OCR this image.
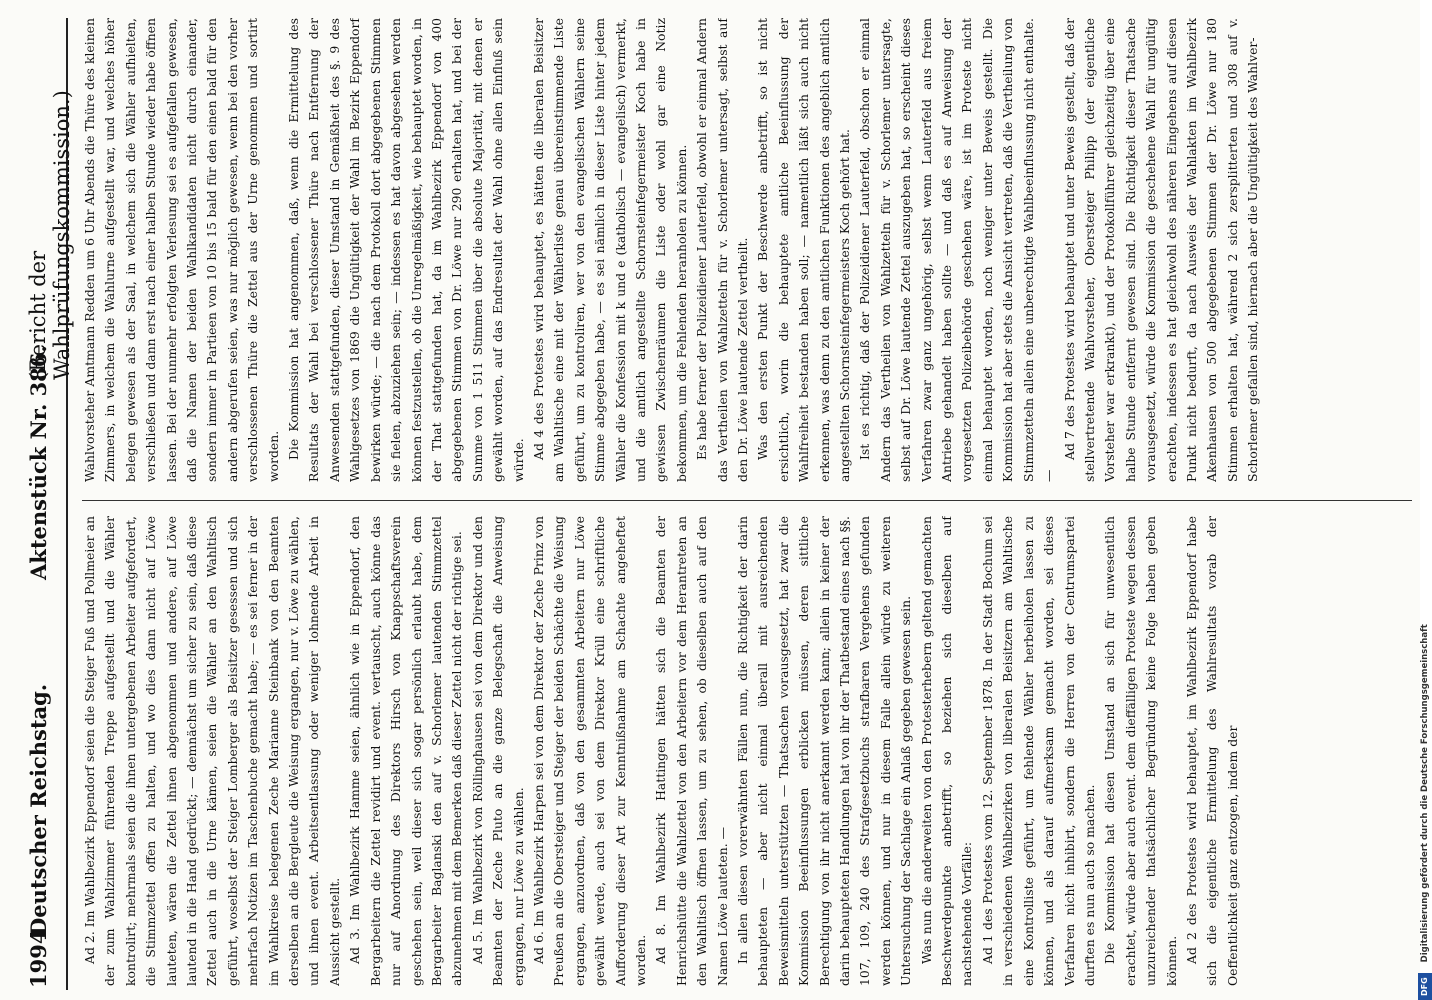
1994
Deutscher Reichstag.
Aktenstück Nr. 386.
(Bericht der Wahlprüfungskommission.)

Ad 2. Im Wahlbezirk Eppendorf seien die Steiger Fuß und Pollmeier an der zum Wahlzimmer führenden Treppe aufgestellt und die Wähler kontrolirt; mehrmals seien die ihnen untergebenen Arbeiter aufgefordert, die Stimmzettel offen zu halten, und wo dies dann nicht auf Löwe lauteten, wären die Zettel ihnen abgenommen und andere, auf Löwe lautend in die Hand gedrückt; — demnächst um sicher zu sein, daß diese Zettel auch in die Urne kämen, seien die Wähler an den Wahltisch geführt, woselbst der Steiger Lomberger als Beisitzer gesessen und sich mehrfach Notizen im Taschenbuche gemacht habe; — es sei ferner in der im Wahlkreise belegenen Zeche Marianne Steinbank von den Beamten derselben an die Bergleute die Weisung ergangen, nur v. Löwe zu wählen, und ihnen event. Arbeitsentlassung oder weniger lohnende Arbeit in Aussicht gestellt. Ad 3. Im Wahlbezirk Hamme seien, ähnlich wie in Eppendorf, den Bergarbeitern die Zettel revidirt und event. vertauscht, auch könne das nur auf Anordnung des Direktors Hirsch von Knappschaftsverein geschehen sein, weil dieser sich sogar persönlich erlaubt habe, dem Bergarbeiter Baglanski den auf v. Schorlemer lautenden Stimmzettel abzunehmen mit dem Bemerken daß dieser Zettel nicht der richtige sei. Ad 5. Im Wahlbezirk von Röllinghausen sei von dem Direktor und den Beamten der Zeche Pluto an die ganze Belegschaft die Anweisung ergangen, nur Löwe zu wählen. Ad 6. Im Wahlbezirk Harpen sei von dem Direktor der Zeche Prinz von Preußen an die Obersteiger und Steiger der beiden Schächte die Weisung ergangen, anzuordnen, daß von den gesammten Arbeitern nur Löwe gewählt werde, auch sei von dem Direktor Krüll eine schriftliche Aufforderung dieser Art zur Kenntnißnahme am Schachte angeheftet worden. Ad 8. Im Wahlbezirk Hattingen hätten sich die Beamten der Henrichshütte die Wahlzettel von den Arbeitern vor dem Herantreten an den Wahltisch öffnen lassen, um zu sehen, ob dieselben auch auf den Namen Löwe lauteten. — In allen diesen vorerwähnten Fällen nun, die Richtigkeit der darin behaupteten — aber nicht einmal überall mit ausreichenden Beweismitteln unterstützten — Thatsachen vorausgesetzt, hat zwar die Kommission Beeinflussungen erblicken müssen, deren sittliche Berechtigung von ihr nicht anerkannt werden kann; allein in keiner der darin behaupteten Handlungen hat von ihr der Thatbestand eines nach §§. 107, 109, 240 des Strafgesetzbuchs strafbaren Vergehens gefunden werden können, und nur in diesem Falle allein würde zu weiteren Untersuchung der Sachlage ein Anlaß gegeben gewesen sein. Was nun die anderweiten von den Protesterhebern geltend gemachten Beschwerdepunkte anbetrifft, so beziehen sich dieselben auf nachstehende Vorfälle: Ad 1 des Protestes vom 12. September 1878. In der Stadt Bochum sei in verschiedenen Wahlbezirken von liberalen Beisitzern am Wahltische eine Kontrolliste geführt, um fehlende Wähler herbeiholen lassen zu können, und als darauf aufmerksam gemacht worden, sei dieses Verfahren nicht inhibirt, sondern die Herren von der Centrumspartei durften es nun auch so machen. Die Kommission hat diesen Umstand an sich für unwesentlich erachtet, würde aber auch event. dem dieffälligen Proteste wegen dessen unzureichender thatsächlicher Begründung keine Folge haben geben können. Ad 2 des Protestes wird behauptet, im Wahlbezirk Eppendorf habe sich die eigentliche Ermittelung des Wahlresultats vorab der Oeffentlichkeit ganz entzogen, indem der

Wahlvorsteher Amtmann Redden um 6 Uhr Abends die Thüre des kleinen Zimmers, in welchem die Wahlurne aufgestellt war, und welches höher belegen gewesen als der Saal, in welchem sich die Wähler aufhielten, verschließen und dann erst nach einer halben Stunde wieder habe öffnen lassen. Bei der nunmehr erfolgten Verlesung sei es aufgefallen gewesen, daß die Namen der beiden Wahlkandidaten nicht durch einander, sondern immer in Partieen von 10 bis 15 bald für den einen bald für den andern abgerufen seien, was nur möglich gewesen, wenn bei den vorher verschlossenen Thüre die Zettel aus der Urne genommen und sortirt worden. Die Kommission hat angenommen, daß, wenn die Ermittelung des Resultats der Wahl bei verschlossener Thüre nach Entfernung der Anwesenden stattgefunden, dieser Umstand in Gemäßheit des §. 9 des Wahlgesetzes von 1869 die Ungültigkeit der Wahl im Bezirk Eppendorf bewirken würde; — die nach dem Protokoll dort abgegebenen Stimmen sie fielen, abzuziehen sein; — indessen es hat davon abgesehen werden können festzustellen, ob die Unregelmäßigkeit, wie behauptet worden, in der That stattgefunden hat, da im Wahlbezirk Eppendorf von 400 abgegebenen Stimmen von Dr. Löwe nur 290 erhalten hat, und bei der Summe von 1 511 Stimmen über die absolute Majorität, mit denen er gewählt worden, auf das Endresultat der Wahl ohne allen Einfluß sein würde.

Ad 4 des Protestes wird behauptet, es hätten die liberalen Beisitzer am Wahltische eine mit der Wählerliste genau übereinstimmende Liste geführt, um zu kontroliren, wer von den evangelischen Wählern seine Stimme abgegeben habe, — es sei nämlich in dieser Liste hinter jedem Wähler die Konfession mit k und e (katholisch — evangelisch) vermerkt, und die amtlich angestellte Schornsteinfegermeister Koch habe in gewissen Zwischenräumen die Liste oder wohl gar eine Notiz bekommen, um die Fehlenden heranholen zu können. Es habe ferner der Polizeidiener Lauterfeld, obwohl er einmal Andern das Vertheilen von Wahlzetteln für v. Schorlemer untersagt, selbst auf den Dr. Löwe lautende Zettel vertheilt. Was den ersten Punkt der Beschwerde anbetrifft, so ist nicht ersichtlich, worin die behauptete amtliche Beeinflussung der Wahlfreiheit bestanden haben soll; — namentlich läßt sich auch nicht erkennen, was denn zu den amtlichen Funktionen des angeblich amtlich angestellten Schornsteinfegermeisters Koch gehört hat. Ist es richtig, daß der Polizeidiener Lauterfeld, obschon er einmal Andern das Vertheilen von Wahlzetteln für v. Schorlemer untersagte, selbst auf Dr. Löwe lautende Zettel auszugeben hat, so erscheint dieses Verfahren zwar ganz ungehörig, selbst wenn Lauterfeld aus freiem Antriebe gehandelt haben sollte — und daß es auf Anweisung der vorgesetzten Polizeibehörde geschehen wäre, ist im Proteste nicht einmal behauptet worden, noch weniger unter Beweis gestellt. Die Kommission hat aber stets die Ansicht vertreten, daß die Vertheilung von Stimmzetteln allein eine unberechtigte Wahlbeeinflussung nicht enthalte. —

Ad 7 des Protestes wird behauptet und unter Beweis gestellt, daß der stellvertretende Wahlvorsteher, Obersteiger Philipp (der eigentliche Vorsteher war erkrankt), und der Protokollführer gleichzeitig über eine halbe Stunde entfernt gewesen sind. Die Richtigkeit dieser Thatsache vorausgesetzt, würde die Kommission die geschehene Wahl für ungültig erachten, indessen es hat gleichwohl des näheren Eingehens auf diesen Punkt nicht bedurft, da nach Ausweis der Wahlakten im Wahlbezirk Akenhausen von 500 abgegebenen Stimmen der Dr. Löwe nur 180 Stimmen erhalten hat, während 2 sich zersplitterten und 308 auf v. Schorlemer gefallen sind, hiernach aber die Ungültigkeit des Wahlver-

DFG Digitalisierung gefördert durch die Deutsche Forschungsgemeinschaft
